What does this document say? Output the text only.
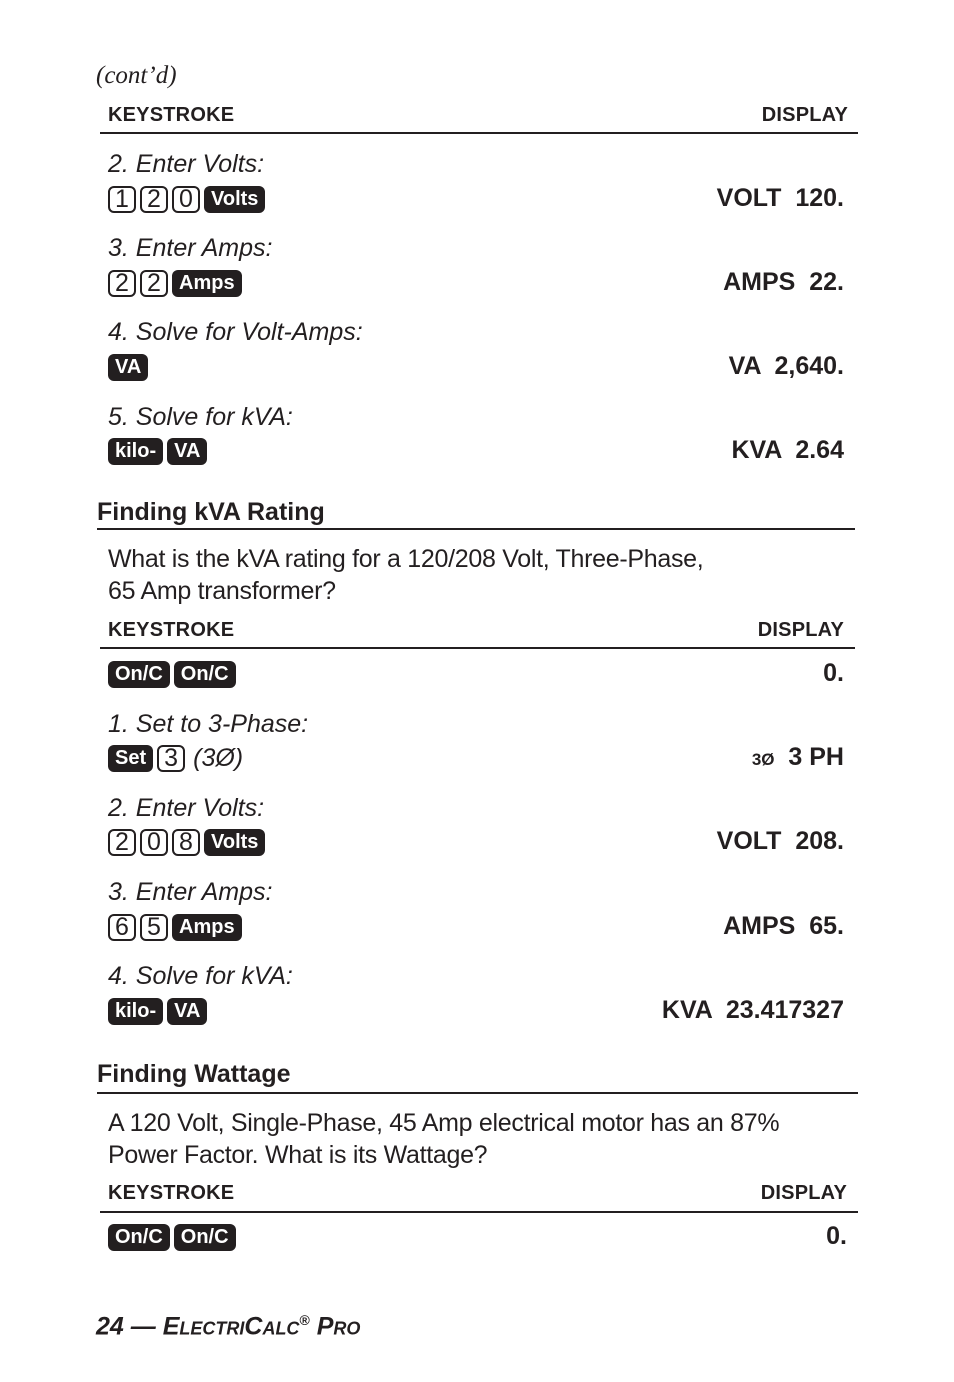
(cont’d)
KEYSTROKE	DISPLAY
2. Enter Volts:
1 2 0 Volts	VOLT  120.
3. Enter Amps:
2 2 Amps	AMPS  22.
4. Solve for Volt-Amps:
VA	VA  2,640.
5. Solve for kVA:
kilo- VA	KVA  2.64
Finding kVA Rating
What is the kVA rating for a 120/208 Volt, Three-Phase,
65 Amp transformer?
KEYSTROKE	DISPLAY
On/C On/C	0.
1. Set to 3-Phase:
Set 3 (3Ø)	3Ø 3 PH
2. Enter Volts:
2 0 8 Volts	VOLT  208.
3. Enter Amps:
6 5 Amps	AMPS  65.
4. Solve for kVA:
kilo- VA	KVA  23.417327
Finding Wattage
A 120 Volt, Single-Phase, 45 Amp electrical motor has an 87%
Power Factor. What is its Wattage?
KEYSTROKE	DISPLAY
On/C On/C	0.
24 — ElectriCalc® Pro
